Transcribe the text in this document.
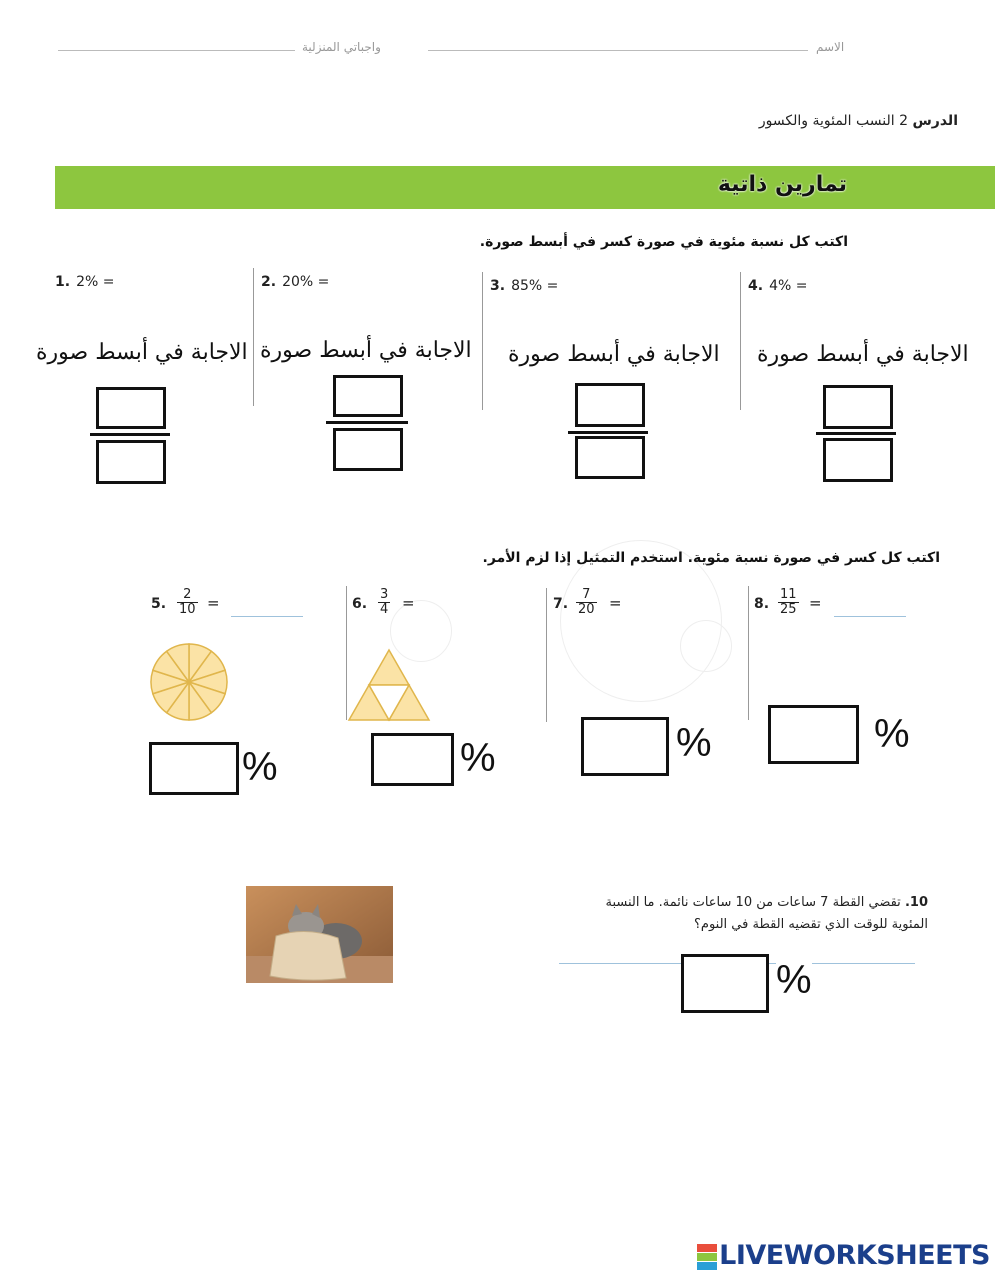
الاسم
واجباتي المنزلية
الدرس 2 النسب المئوية والكسور
تمارين ذاتية
اكتب كل نسبة مئوية في صورة كسر في أبسط صورة.
1. 2% =
الاجابة في أبسط صورة
2. 20% =
الاجابة في أبسط صورة
3. 85% =
الاجابة في أبسط صورة
4. 4% =
الاجابة في أبسط صورة
اكتب كل كسر في صورة نسبة مئوية. استخدم التمثيل إذا لزم الأمر.
5. $\frac{2}{10}$ =
%
6. $\frac{3}{4}$ =
%
7. $\frac{7}{20}$ =
%
8. $\frac{11}{25}$ =
%
10. تقضي القطة 7 ساعات من 10 ساعات نائمة. ما النسبة المئوية للوقت الذي تقضيه القطة في النوم؟
%
LIVEWORKSHEETS
